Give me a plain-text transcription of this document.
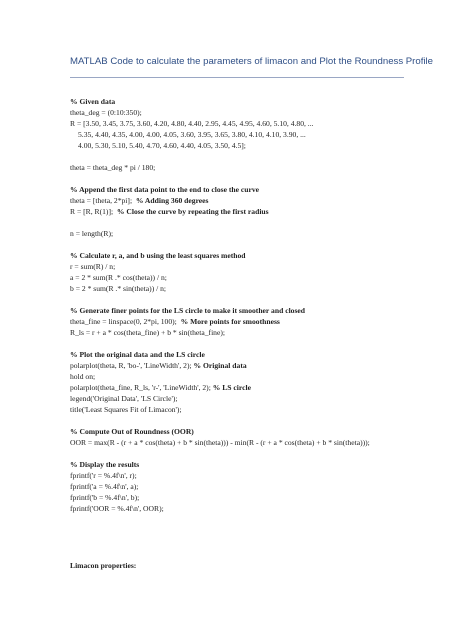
MATLAB Code to calculate the parameters of limacon and Plot the Roundness Profile
% Given data
theta_deg = (0:10:350);
R = [3.50, 3.45, 3.75, 3.60, 4.20, 4.80, 4.40, 2.95, 4.45, 4.95, 4.60, 5.10, 4.80, ...
5.35, 4.40, 4.35, 4.00, 4.00, 4.05, 3.60, 3.95, 3.65, 3.80, 4.10, 4.10, 3.90, ...
4.00, 5.30, 5.10, 5.40, 4.70, 4.60, 4.40, 4.05, 3.50, 4.5];
theta = theta_deg * pi / 180;
% Append the first data point to the end to close the curve
theta = [theta, 2*pi]; % Adding 360 degrees
R = [R, R(1)]; % Close the curve by repeating the first radius
n = length(R);
% Calculate r, a, and b using the least squares method
r = sum(R) / n;
a = 2 * sum(R .* cos(theta)) / n;
b = 2 * sum(R .* sin(theta)) / n;
% Generate finer points for the LS circle to make it smoother and closed
theta_fine = linspace(0, 2*pi, 100); % More points for smoothness
R_ls = r + a * cos(theta_fine) + b * sin(theta_fine);
% Plot the original data and the LS circle
polarplot(theta, R, 'bo-', 'LineWidth', 2); % Original data
hold on;
polarplot(theta_fine, R_ls, 'r-', 'LineWidth', 2); % LS circle
legend('Original Data', 'LS Circle');
title('Least Squares Fit of Limacon');
% Compute Out of Roundness (OOR)
OOR = max(R - (r + a * cos(theta) + b * sin(theta))) - min(R - (r + a * cos(theta) + b * sin(theta)));
% Display the results
fprintf('r = %.4f\n', r);
fprintf('a = %.4f\n', a);
fprintf('b = %.4f\n', b);
fprintf('OOR = %.4f\n', OOR);
Limacon properties:
